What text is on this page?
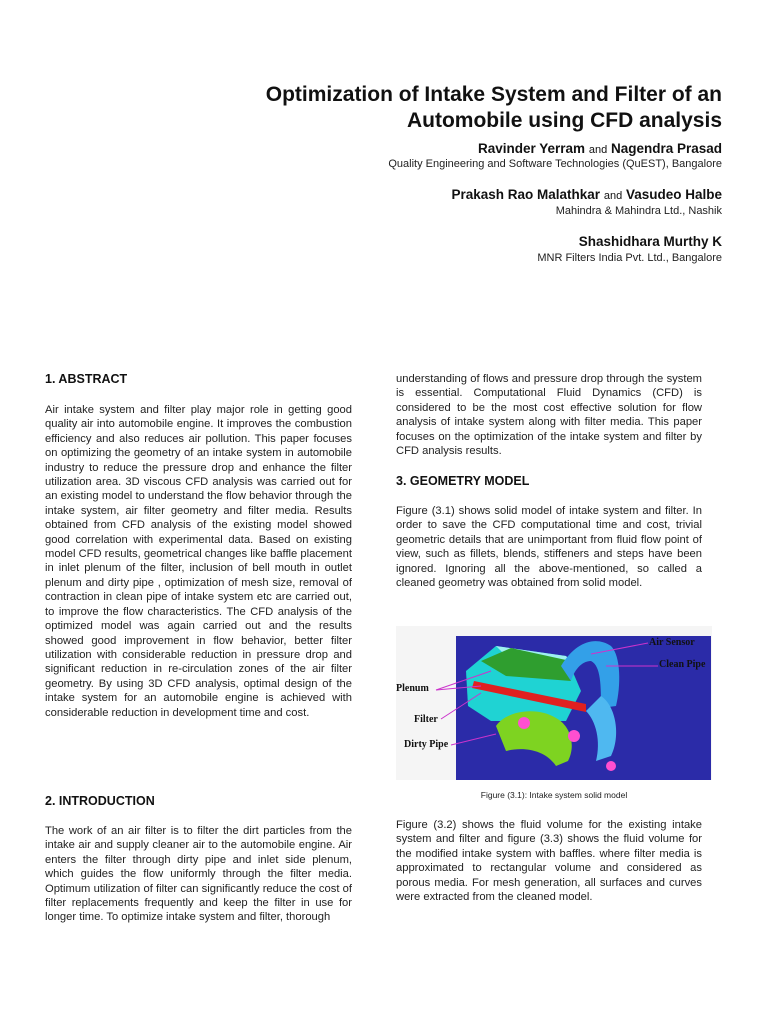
Optimization of Intake System and Filter of an
Automobile using CFD analysis
Ravinder Yerram and Nagendra Prasad
Quality Engineering and Software Technologies (QuEST), Bangalore
Prakash Rao Malathkar and Vasudeo Halbe
Mahindra & Mahindra Ltd., Nashik
Shashidhara Murthy K
MNR Filters India Pvt. Ltd., Bangalore
1. ABSTRACT

Air intake system and filter play major role in getting good quality air into automobile engine. It improves the combustion efficiency and also reduces air pollution. This paper focuses on optimizing the geometry of an intake system in automobile industry to reduce the pressure drop and enhance the filter utilization area. 3D viscous CFD analysis was carried out for an existing model to understand the flow behavior through the intake system, air filter geometry and filter media. Results obtained from CFD analysis of the existing model showed good correlation with experimental data. Based on existing model CFD results, geometrical changes like baffle placement in inlet plenum of the filter, inclusion of bell mouth in outlet plenum and dirty pipe , optimization of mesh size, removal of contraction in clean pipe of intake system etc are carried out, to improve the flow characteristics. The CFD analysis of the optimized model was again carried out and the results showed good improvement in flow behavior, better filter utilization with considerable reduction in pressure drop and significant reduction in re-circulation zones of the air filter geometry. By using 3D CFD analysis, optimal design of the intake system for an automobile engine is achieved with considerable reduction in development time and cost.

2. INTRODUCTION

The work of an air filter is to filter the dirt particles from the intake air and supply cleaner air to the automobile engine. Air enters the filter through dirty pipe and inlet side plenum, which guides the flow uniformly through the filter media. Optimum utilization of filter can significantly reduce the cost of filter replacements frequently and keep the filter in use for longer time. To optimize intake system and filter, thorough

understanding of flows and pressure drop through the system is essential. Computational Fluid Dynamics (CFD) is considered to be the most cost effective solution for flow analysis of intake system along with filter media. This paper focuses on the optimization of the intake system and filter by CFD analysis results.

3. GEOMETRY MODEL

Figure (3.1) shows solid model of intake system and filter. In order to save the CFD computational time and cost, trivial geometric details that are unimportant from fluid flow point of view, such as fillets, blends, stiffeners and steps have been ignored. Ignoring all the above-mentioned, so called a cleaned geometry was obtained from solid model.

Air Sensor
Clean Pipe
Plenum
Filter
Dirty Pipe
Figure (3.1): Intake system solid model

Figure (3.2) shows the fluid volume for the existing intake system and filter and figure (3.3) shows the fluid volume for the modified intake system with baffles. where filter media is approximated to rectangular volume and considered as porous media. For mesh generation, all surfaces and curves were extracted from the cleaned model.
